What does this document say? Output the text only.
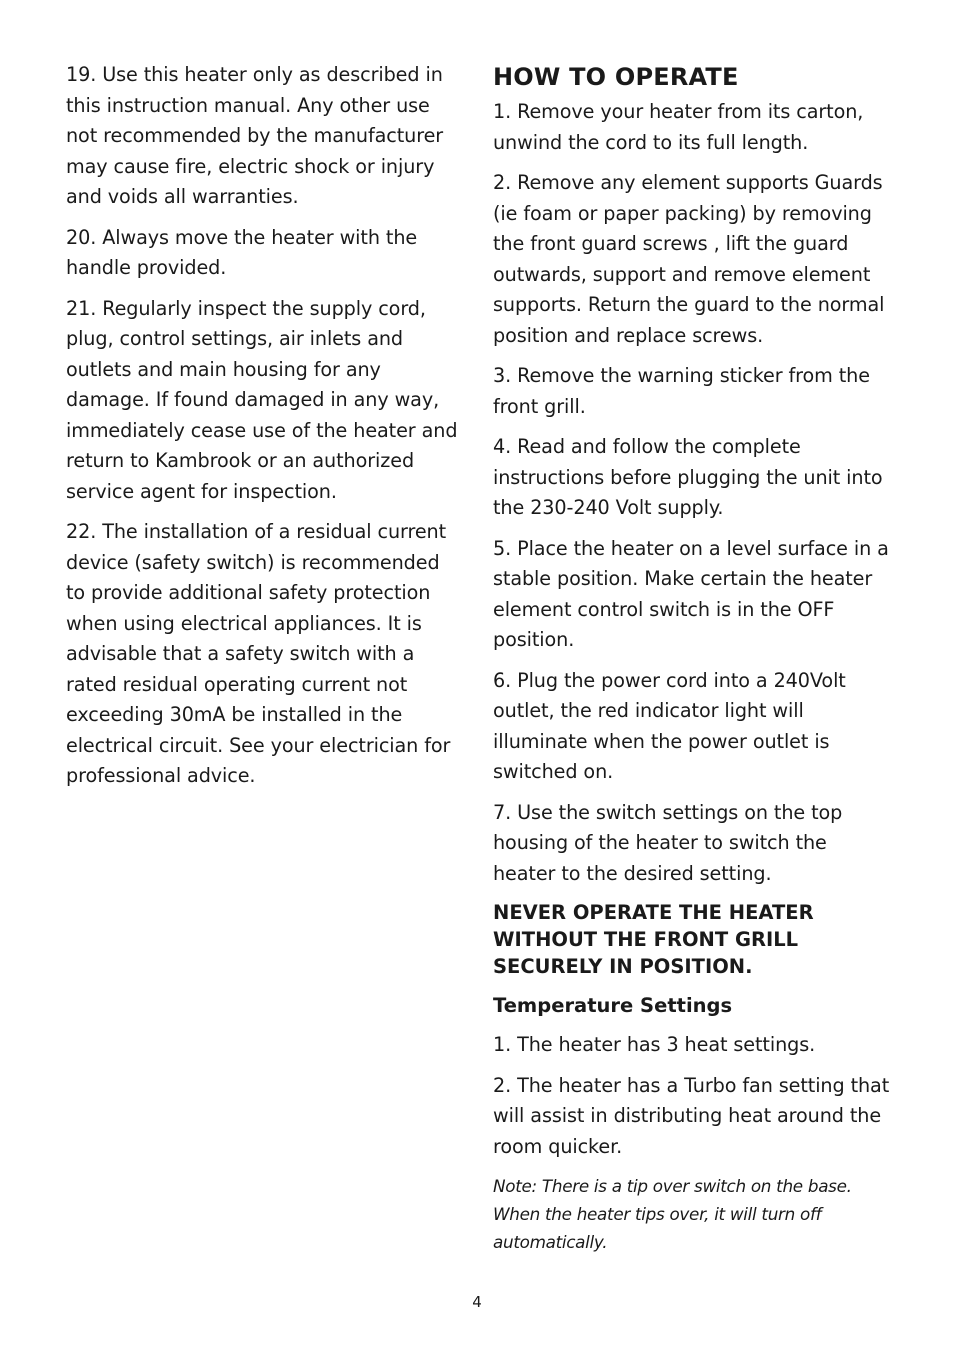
19. Use this heater only as described in this instruction manual. Any other use not recommended by the manufacturer may cause fire, electric shock or injury and voids all warranties.

20. Always move the heater with the handle provided.

21. Regularly inspect the supply cord, plug, control settings, air inlets and outlets and main housing for any damage. If found damaged in any way, immediately cease use of the heater and return to Kambrook or an authorized service agent for inspection.

22. The installation of a residual current device (safety switch) is recommended to provide additional safety protection when using electrical appliances. It is advisable that a safety switch with a rated residual operating current not exceeding 30mA be installed in the electrical circuit. See your electrician for professional advice.

HOW TO OPERATE

1. Remove your heater from its carton, unwind the cord to its full length.

2. Remove any element supports Guards (ie foam or paper packing) by removing the front guard screws , lift the guard outwards, support and remove element supports. Return the guard to the normal position and replace screws.

3. Remove the warning sticker from the front grill.

4. Read and follow the complete instructions before plugging the unit into the 230-240 Volt supply.

5. Place the heater on a level surface in a stable position. Make certain the heater element control switch is in the OFF position.

6. Plug the power cord into a 240Volt outlet, the red indicator light will illuminate when the power outlet is switched on.

7. Use the switch settings on the top housing of the heater to switch the heater to the desired setting.

NEVER OPERATE THE HEATER WITHOUT THE FRONT GRILL SECURELY IN POSITION.

Temperature Settings

1. The heater has 3 heat settings.

2. The heater has a Turbo fan setting that will assist in distributing heat around the room quicker.

Note: There is a tip over switch on the base. When the heater tips over, it will turn off automatically.

4
